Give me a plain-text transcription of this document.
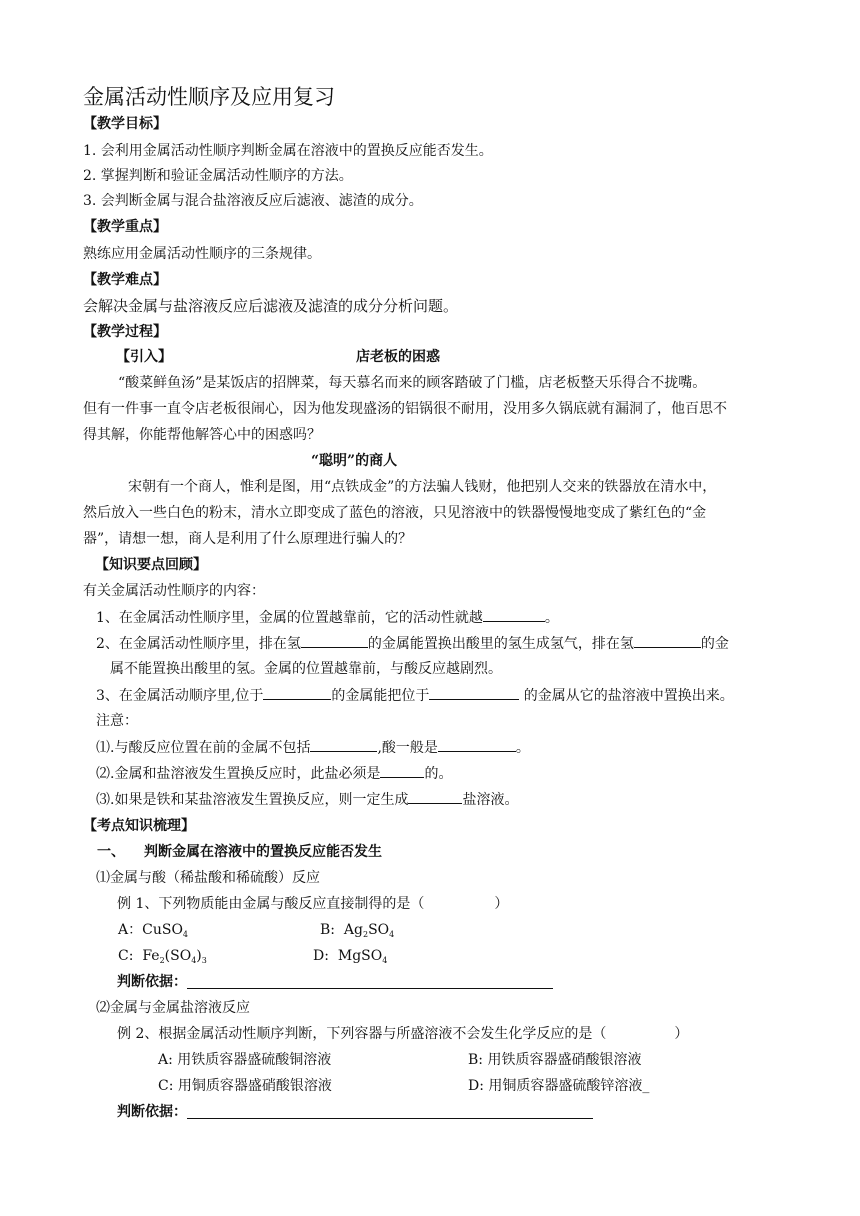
金属活动性顺序及应用复习
【教学目标】
1. 会利用金属活动性顺序判断金属在溶液中的置换反应能否发生。
2. 掌握判断和验证金属活动性顺序的方法。
3. 会判断金属与混合盐溶液反应后滤液、滤渣的成分。
【教学重点】
熟练应用金属活动性顺序的三条规律。
【教学难点】
会解决金属与盐溶液反应后滤液及滤渣的成分分析问题。
【教学过程】
【引入】	店老板的困惑
“酸菜鲜鱼汤”是某饭店的招牌菜，每天慕名而来的顾客踏破了门槛，店老板整天乐得合不拢嘴。
但有一件事一直令店老板很闹心，因为他发现盛汤的铝锅很不耐用，没用多久锅底就有漏洞了，他百思不
得其解，你能帮他解答心中的困惑吗？
“聪明”的商人
宋朝有一个商人，惟利是图，用“点铁成金”的方法骗人钱财，他把别人交来的铁器放在清水中，
然后放入一些白色的粉末，清水立即变成了蓝色的溶液，只见溶液中的铁器慢慢地变成了紫红色的“金
器”，请想一想，商人是利用了什么原理进行骗人的？
【知识要点回顾】
有关金属活动性顺序的内容：
1、在金属活动性顺序里，金属的位置越靠前，它的活动性就越	。
2、在金属活动性顺序里，排在氢	的金属能置换出酸里的氢生成氢气，排在氢	的金
属不能置换出酸里的氢。金属的位置越靠前，与酸反应越剧烈。
3、在金属活动顺序里,位于	的金属能把位于	的金属从它的盐溶液中置换出来。
注意：
⑴.与酸反应位置在前的金属不包括	,酸一般是	。
⑵.金属和盐溶液发生置换反应时，此盐必须是	的。
⑶.如果是铁和某盐溶液发生置换反应，则一定生成	盐溶液。
【考点知识梳理】
一、 判断金属在溶液中的置换反应能否发生
⑴金属与酸（稀盐酸和稀硫酸）反应
例 1、下列物质能由金属与酸反应直接制得的是（	）
A：CuSO$_4$	B: $Ag_2SO_4$
C: $Fe_2(SO_4)_3$	D: MgSO$_4$
判断依据：
⑵金属与金属盐溶液反应
例 2、根据金属活动性顺序判断，下列容器与所盛溶液不会发生化学反应的是（	）
A: 用铁质容器盛硫酸铜溶液	B: 用铁质容器盛硝酸银溶液
C: 用铜质容器盛硝酸银溶液	D: 用铜质容器盛硫酸锌溶液_
判断依据：
